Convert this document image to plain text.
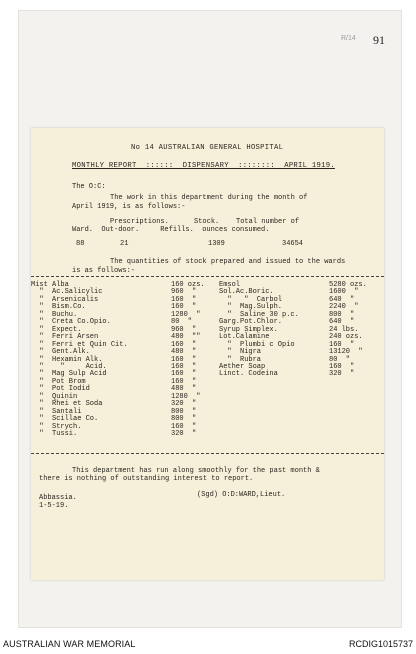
R/14 91
No 14 AUSTRALIAN GENERAL HOSPITAL
MONTHLY REPORT  ::::::  DISPENSARY  ::::::::  APRIL 1919.
The O:C:
The work in this department during the month of
April 1919, is as follows:-
Prescriptions.      Stock.    Total number of
Ward.  Out-door.     Refills.  ounces consumed.
88	21	1309	34654
The quantities of stock prepared and issued to the wards
is as follows:-
Mist Alba	160 ozs.
"  Ac.Salicylic	960  "
"  Arsenicalis	160  "
"  Bism.Co.	160  "
"  Buchu.	1280  "
"  Creta Co.Opio.	80  "
"  Expect.	960  "
"  Ferri Arsen	480  ""
"  Ferri et Quin Cit.	160  "
"  Gent.Alk.	480  "
"  Hexamin Alk.	160  "
"    "     Acid.	160  "
"  Mag Sulp Acid	160  "
"  Pot Brom	160  "
"  Pot Iodid	480  "
"  Quinin	1280  "
"  Rhei et Soda	320  "
"  Santali	800  "
"  Scillae Co.	800  "
"  Strych.	160  "
"  Tussi.	320  "
Emsol	5280 ozs.
Sol.Ac.Boric.	1600  "
"   "  Carbol	640  "
"  Mag.Sulph.	2240  "
"  Saline 30 p.c.	800  "
Garg.Pot.Chlor.	640  "
Syrup Simplex.	24 lbs.
Lot.Calamine	240 ozs.
"  Plumbi c Opio	160  "
"  Nigra	13120  "
"  Rubra	80  "
Aether Soap	160  "
Linct. Codeina	320  "
This department has run along smoothly for the past month &
there is nothing of outstanding interest to report.
Abbassia.
1-5-19.
(Sgd) O:D:WARD,Lieut.
AUSTRALIAN WAR MEMORIAL	RCDIG1015737
